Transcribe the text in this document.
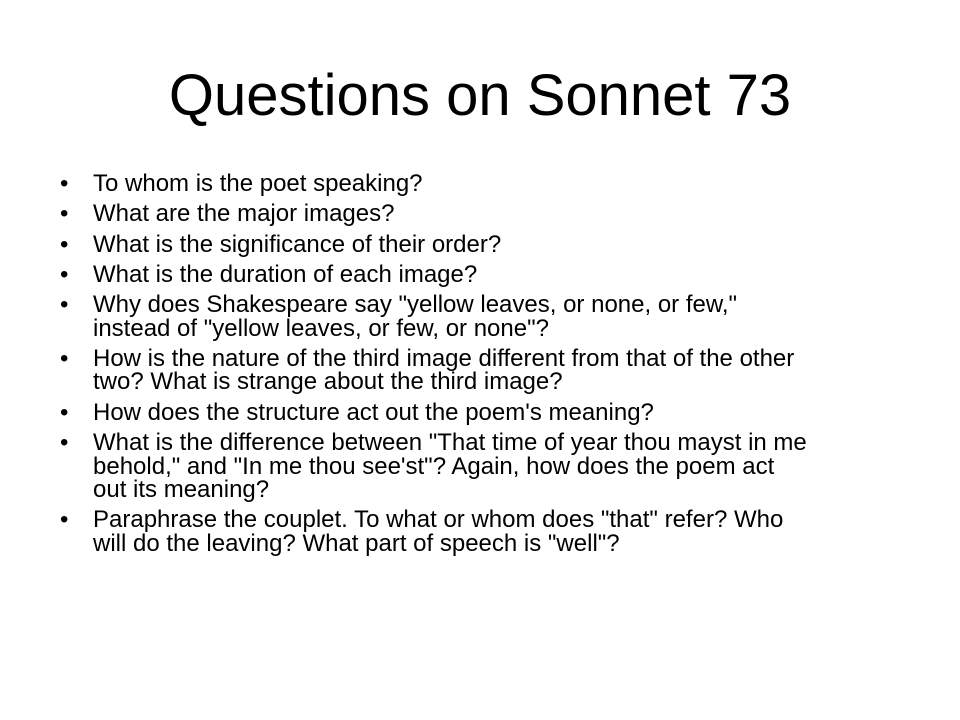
Questions on Sonnet 73
•	To whom is the poet speaking?
•	What are the major images?
•	What is the significance of their order?
•	What is the duration of each image?
•	Why does Shakespeare say "yellow leaves, or none, or few,"
instead of "yellow leaves, or few, or none"?
•	How is the nature of the third image different from that of the other
two? What is strange about the third image?
•	How does the structure act out the poem's meaning?
•	What is the difference between "That time of year thou mayst in me
behold," and "In me thou see'st"? Again, how does the poem act
out its meaning?
•	Paraphrase the couplet. To what or whom does "that" refer? Who
will do the leaving? What part of speech is "well"?
